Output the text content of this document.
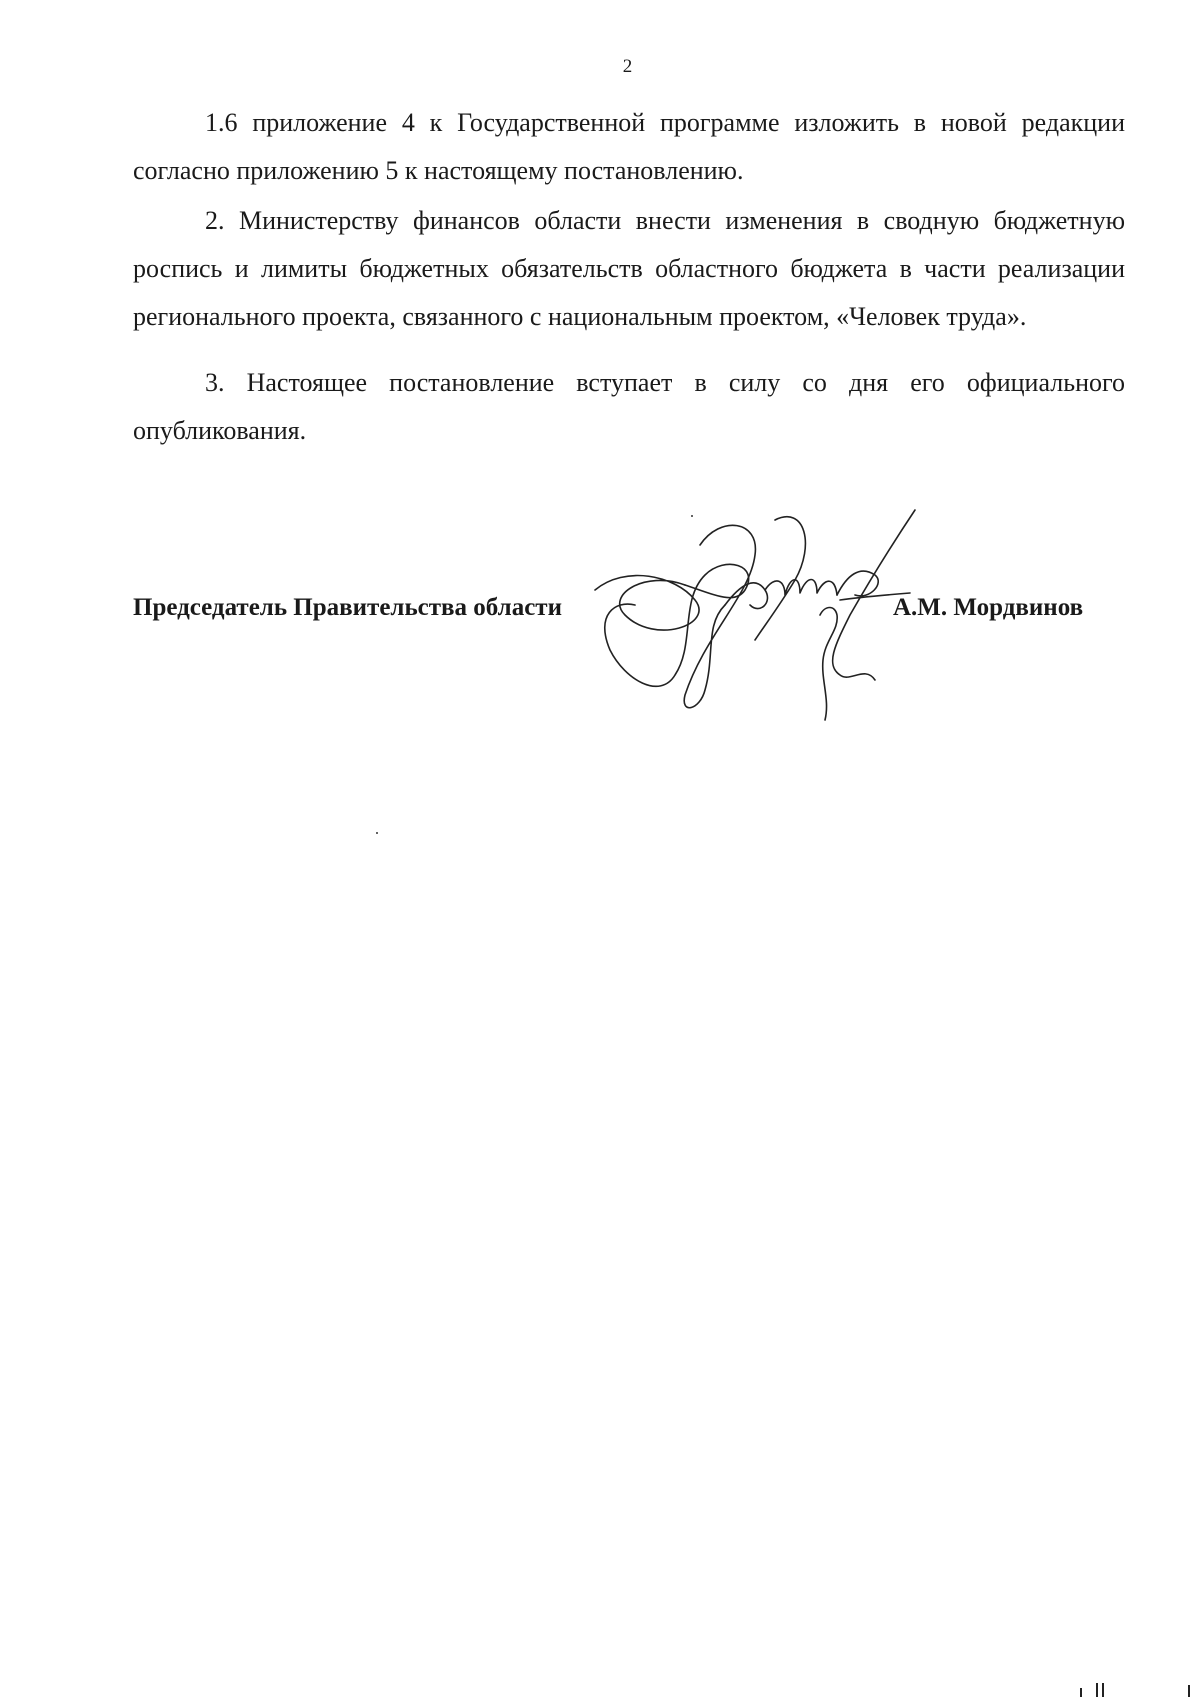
2
1.6 приложение 4 к Государственной программе изложить в новой редакции согласно приложению 5 к настоящему постановлению.
2. Министерству финансов области внести изменения в сводную бюджетную роспись и лимиты бюджетных обязательств областного бюджета в части реализации регионального проекта, связанного с национальным проектом, «Человек труда».
3. Настоящее постановление вступает в силу со дня его официального опубликования.
Председатель Правительства области	А.М. Мордвинов
